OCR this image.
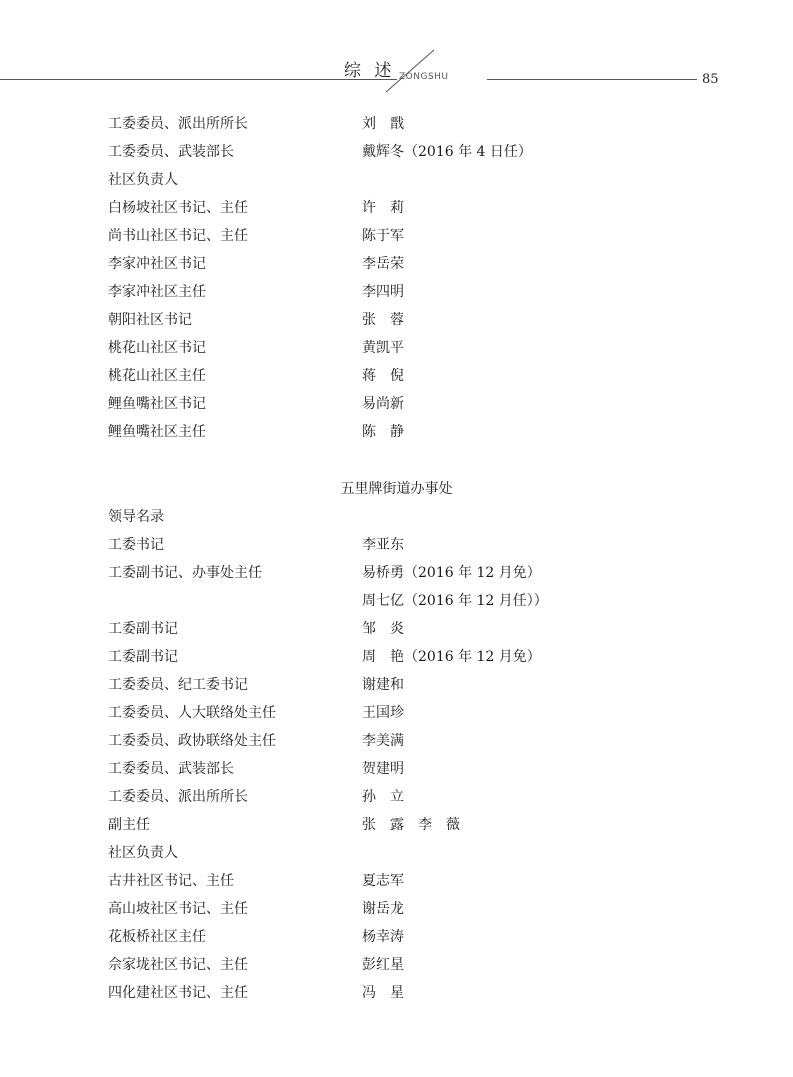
综 述 ZONGSHU	85
工委委员、派出所所长	刘　戬
工委委员、武装部长	戴辉冬（2016 年 4 日任）
社区负责人
白杨坡社区书记、主任	许　莉
尚书山社区书记、主任	陈于军
李家冲社区书记	李岳荣
李家冲社区主任	李四明
朝阳社区书记	张　蓉
桃花山社区书记	黄凯平
桃花山社区主任	蒋　倪
鲤鱼嘴社区书记	易尚新
鲤鱼嘴社区主任	陈　静
五里牌街道办事处
领导名录
工委书记	李亚东
工委副书记、办事处主任	易桥勇（2016 年 12 月免）
周七亿（2016 年 12 月任））
工委副书记	邹　炎
工委副书记	周　艳（2016 年 12 月免）
工委委员、纪工委书记	谢建和
工委委员、人大联络处主任	王国珍
工委委员、政协联络处主任	李美满
工委委员、武装部长	贺建明
工委委员、派出所所长	孙　立
副主任	张　露　李　薇
社区负责人
古井社区书记、主任	夏志军
高山坡社区书记、主任	谢岳龙
花板桥社区主任	杨幸涛
佘家垅社区书记、主任	彭红星
四化建社区书记、主任	冯　星
